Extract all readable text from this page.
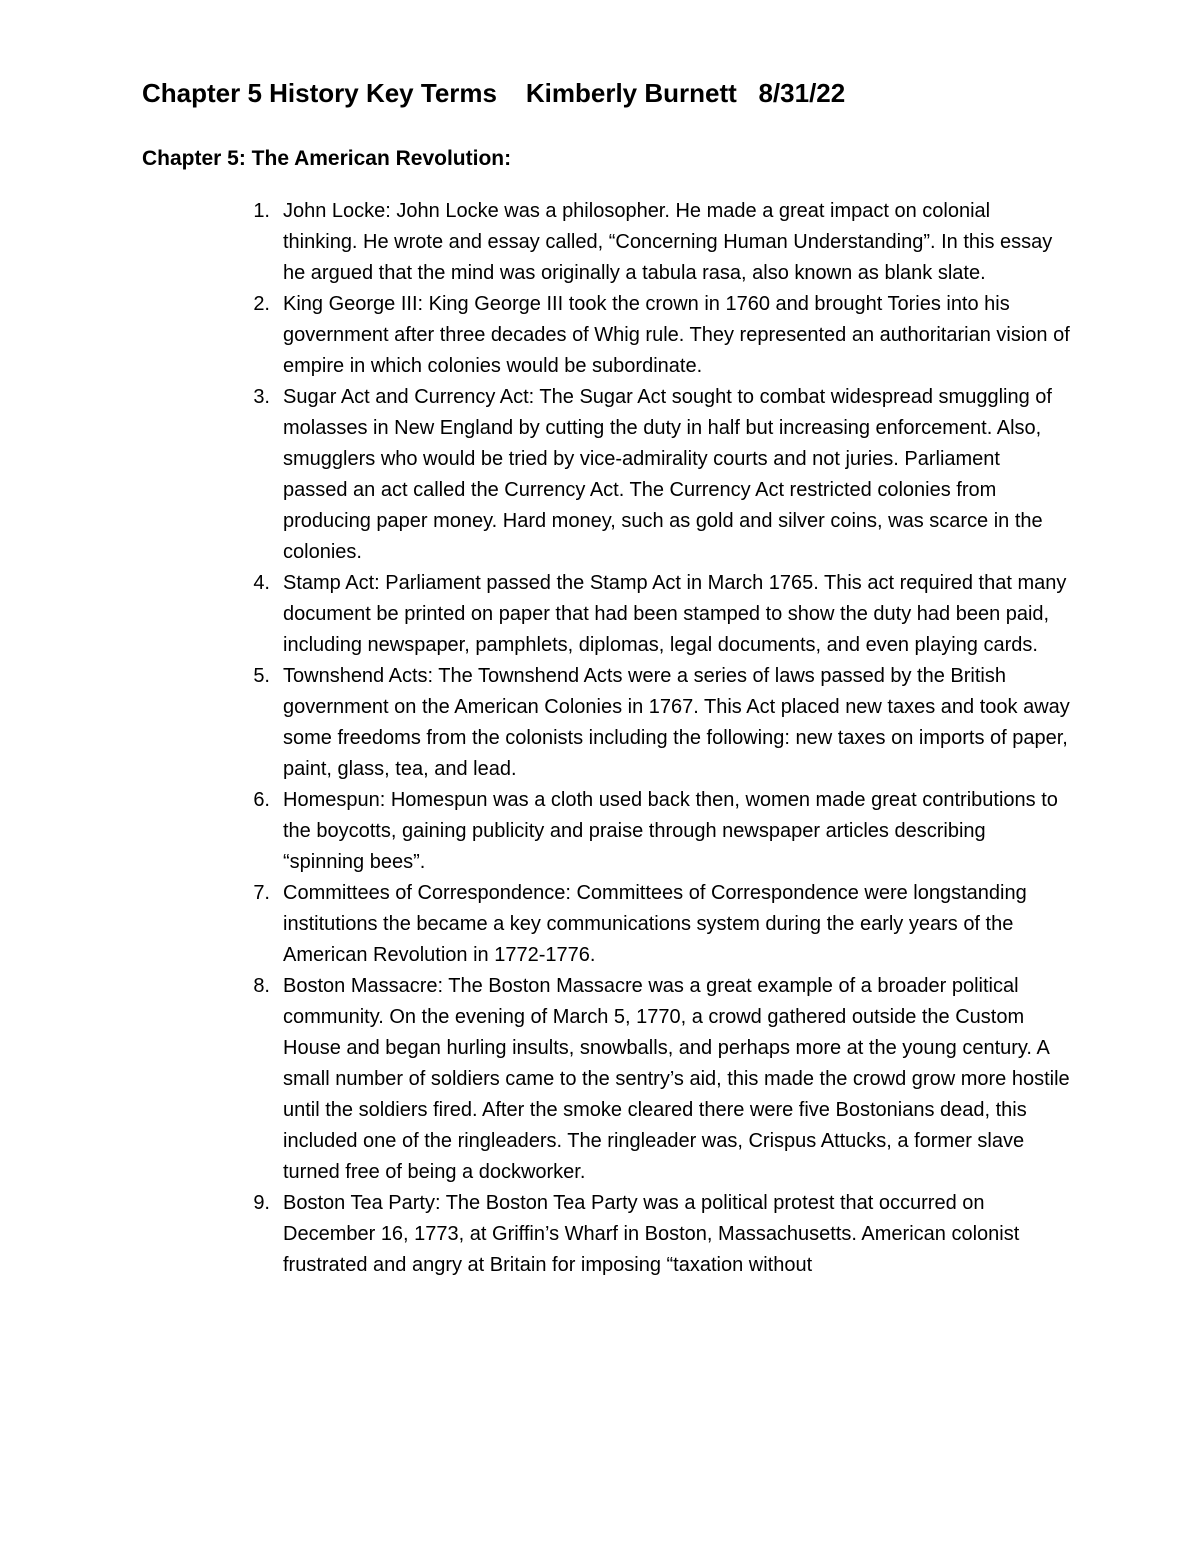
Chapter 5 History Key Terms    Kimberly Burnett   8/31/22
Chapter 5: The American Revolution:
1. John Locke: John Locke was a philosopher. He made a great impact on colonial thinking. He wrote and essay called, “Concerning Human Understanding”. In this essay he argued that the mind was originally a tabula rasa, also known as blank slate.
2. King George III: King George III took the crown in 1760 and brought Tories into his government after three decades of Whig rule. They represented an authoritarian vision of empire in which colonies would be subordinate.
3. Sugar Act and Currency Act: The Sugar Act sought to combat widespread smuggling of molasses in New England by cutting the duty in half but increasing enforcement. Also, smugglers who would be tried by vice-admirality courts and not juries. Parliament passed an act called the Currency Act. The Currency Act restricted colonies from producing paper money. Hard money, such as gold and silver coins, was scarce in the colonies.
4. Stamp Act: Parliament passed the Stamp Act in March 1765. This act required that many document be printed on paper that had been stamped to show the duty had been paid, including newspaper, pamphlets, diplomas, legal documents, and even playing cards.
5. Townshend Acts: The Townshend Acts were a series of laws passed by the British government on the American Colonies in 1767. This Act placed new taxes and took away some freedoms from the colonists including the following: new taxes on imports of paper, paint, glass, tea, and lead.
6. Homespun: Homespun was a cloth used back then, women made great contributions to the boycotts, gaining publicity and praise through newspaper articles describing “spinning bees”.
7. Committees of Correspondence: Committees of Correspondence were longstanding institutions the became a key communications system during the early years of the American Revolution in 1772-1776.
8. Boston Massacre: The Boston Massacre was a great example of a broader political community. On the evening of March 5, 1770, a crowd gathered outside the Custom House and began hurling insults, snowballs, and perhaps more at the young century. A small number of soldiers came to the sentry’s aid, this made the crowd grow more hostile until the soldiers fired. After the smoke cleared there were five Bostonians dead, this included one of the ringleaders. The ringleader was, Crispus Attucks, a former slave turned free of being a dockworker.
9. Boston Tea Party: The Boston Tea Party was a political protest that occurred on December 16, 1773, at Griffin’s Wharf in Boston, Massachusetts. American colonist frustrated and angry at Britain for imposing “taxation without
